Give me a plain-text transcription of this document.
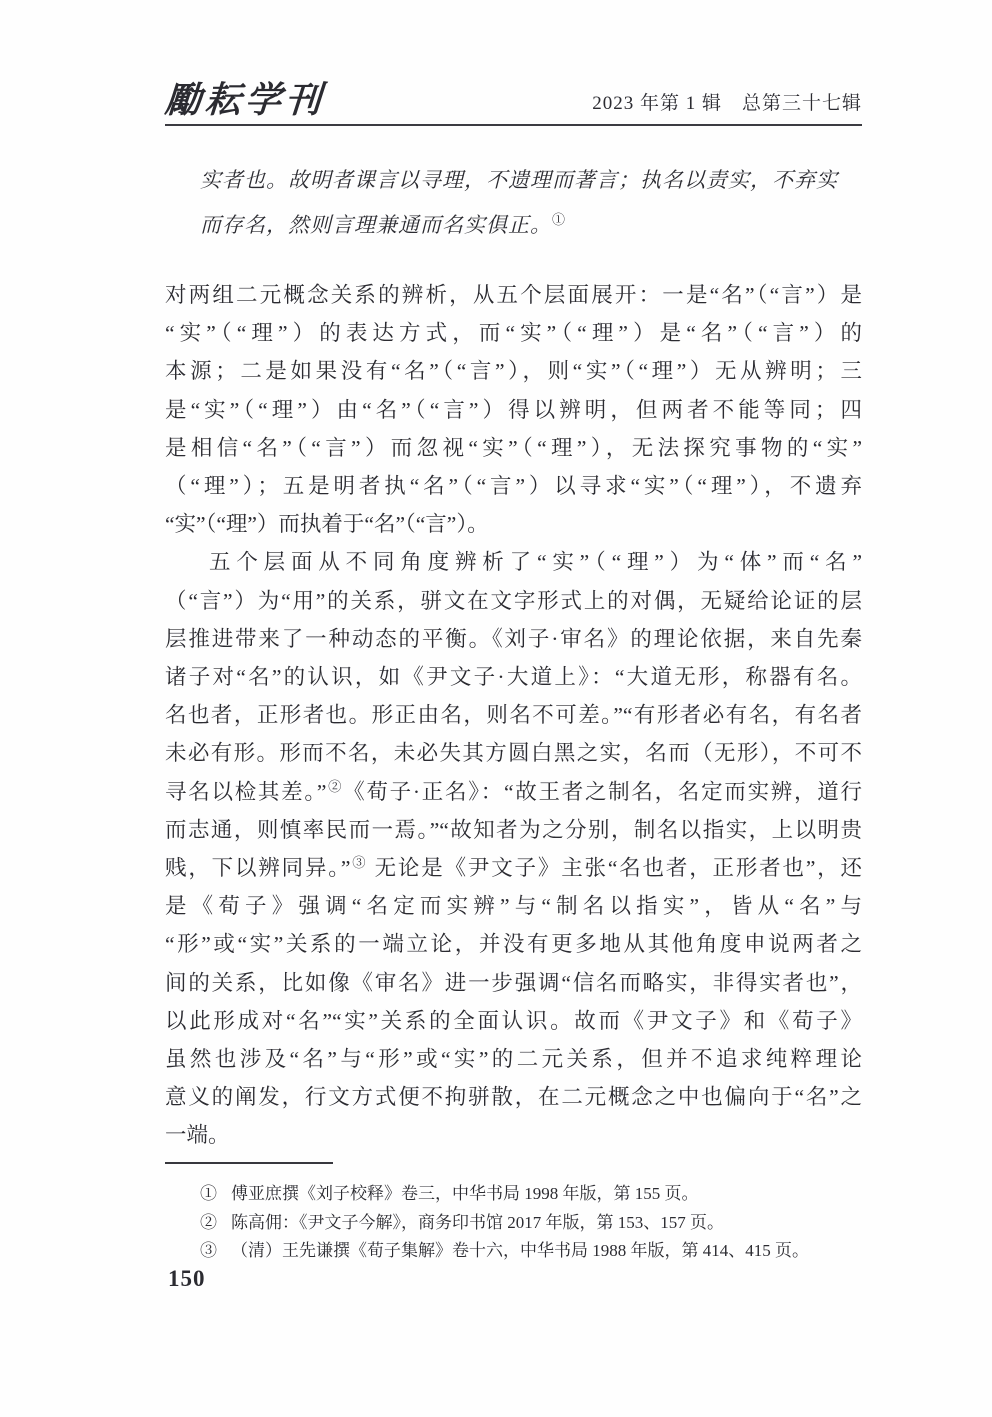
勵耘学刊	2023 年第 1 辑　总第三十七辑
实者也。故明者课言以寻理，不遗理而著言；执名以责实，不弃实
而存名，然则言理兼通而名实俱正。①
对两组二元概念关系的辨析，从五个层面展开：一是“名”（“言”）是
“实”（“理”）的表达方式，而“实”（“理”）是“名”（“言”）的
本源；二是如果没有“名”（“言”），则“实”（“理”）无从辨明；三
是“实”（“理”）由“名”（“言”）得以辨明，但两者不能等同；四
是相信“名”（“言”）而忽视“实”（“理”），无法探究事物的“实”
（“理”）；五是明者执“名”（“言”）以寻求“实”（“理”），不遗弃
“实”（“理”）而执着于“名”（“言”）。
五个层面从不同角度辨析了“实”（“理”）为“体”而“名”
（“言”）为“用”的关系，骈文在文字形式上的对偶，无疑给论证的层
层推进带来了一种动态的平衡。《刘子·审名》的理论依据，来自先秦
诸子对“名”的认识，如《尹文子·大道上》：“大道无形，称器有名。
名也者，正形者也。形正由名，则名不可差。”“有形者必有名，有名者
未必有形。形而不名，未必失其方圆白黑之实，名而（无形），不可不
寻名以检其差。”②《荀子·正名》：“故王者之制名，名定而实辨，道行
而志通，则慎率民而一焉。”“故知者为之分别，制名以指实，上以明贵
贱，下以辨同异。”③ 无论是《尹文子》主张“名也者，正形者也”，还
是《荀子》强调“名定而实辨”与“制名以指实”，皆从“名”与
“形”或“实”关系的一端立论，并没有更多地从其他角度申说两者之
间的关系，比如像《审名》进一步强调“信名而略实，非得实者也”，
以此形成对“名”“实”关系的全面认识。故而《尹文子》和《荀子》
虽然也涉及“名”与“形”或“实”的二元关系，但并不追求纯粹理论
意义的阐发，行文方式便不拘骈散，在二元概念之中也偏向于“名”之
一端。
① 傅亚庶撰《刘子校释》卷三，中华书局 1998 年版，第 155 页。
② 陈高佣：《尹文子今解》，商务印书馆 2017 年版，第 153、157 页。
③ （清）王先谦撰《荀子集解》卷十六，中华书局 1988 年版，第 414、415 页。
150
